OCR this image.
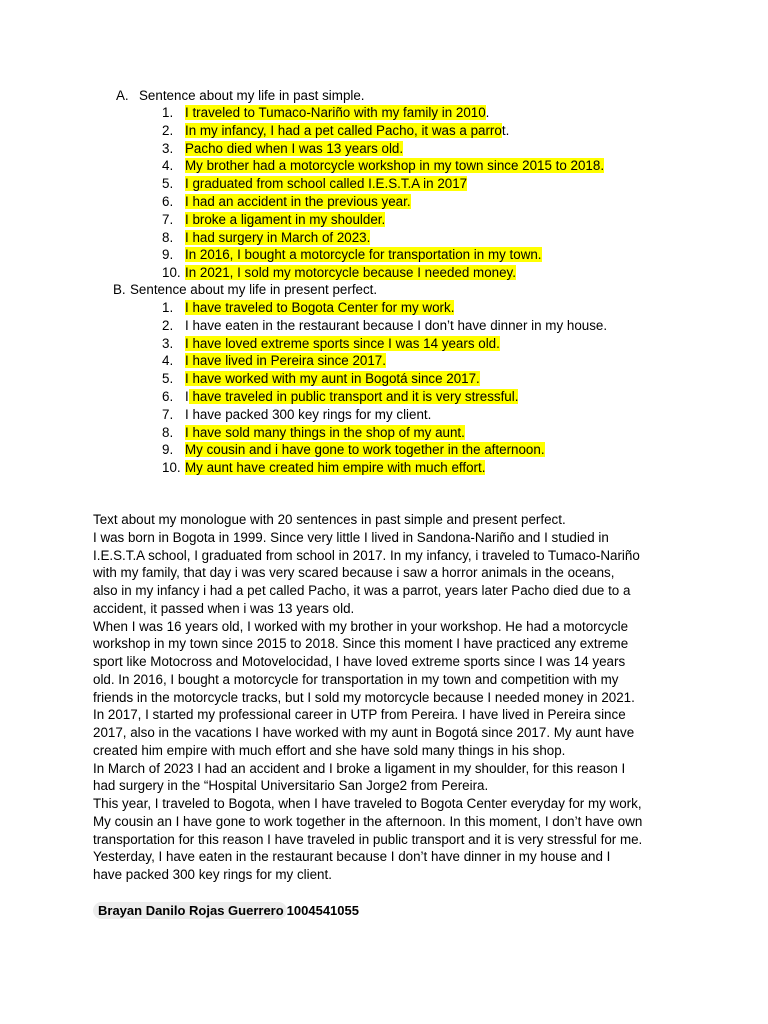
A. Sentence about my life in past simple.
1. I traveled to Tumaco-Nariño with my family in 2010.
2. In my infancy, I had a pet called Pacho, it was a parrot.
3. Pacho died when I was 13 years old.
4. My brother had a motorcycle workshop in my town since 2015 to 2018.
5. I graduated from school called I.E.S.T.A in 2017
6. I had an accident in the previous year.
7. I broke a ligament in my shoulder.
8. I had surgery in March of 2023.
9. In 2016, I bought a motorcycle for transportation in my town.
10. In 2021, I sold my motorcycle because I needed money.
B. Sentence about my life in present perfect.
1. I have traveled to Bogota Center for my work.
2. I have eaten in the restaurant because I don’t have dinner in my house.
3. I have loved extreme sports since I was 14 years old.
4. I have lived in Pereira since 2017.
5. I have worked with my aunt in Bogotá since 2017.
6. I have traveled in public transport and it is very stressful.
7. I have packed 300 key rings for my client.
8. I have sold many things in the shop of my aunt.
9. My cousin and i have gone to work together in the afternoon.
10. My aunt have created him empire with much effort.
Text about my monologue with 20 sentences in past simple and present perfect.
I was born in Bogota in 1999. Since very little I lived in Sandona-Nariño and I studied in
I.E.S.T.A school, I graduated from school in 2017. In my infancy, i traveled to Tumaco-Nariño
with my family, that day i was very scared because i saw a horror animals in the oceans,
also in my infancy i had a pet called Pacho, it was a parrot, years later Pacho died due to a
accident, it passed when i was 13 years old.
When I was 16 years old, I worked with my brother in your workshop. He had a motorcycle
workshop in my town since 2015 to 2018. Since this moment I have practiced any extreme
sport like Motocross and Motovelocidad, I have loved extreme sports since I was 14 years
old. In 2016, I bought a motorcycle for transportation in my town and competition with my
friends in the motorcycle tracks, but I sold my motorcycle because I needed money in 2021.
In 2017, I started my professional career in UTP from Pereira. I have lived in Pereira since
2017, also in the vacations I have worked with my aunt in Bogotá since 2017. My aunt have
created him empire with much effort and she have sold many things in his shop.
In March of 2023 I had an accident and I broke a ligament in my shoulder, for this reason I
had surgery in the “Hospital Universitario San Jorge2 from Pereira.
This year, I traveled to Bogota, when I have traveled to Bogota Center everyday for my work,
My cousin an I have gone to work together in the afternoon. In this moment, I don’t have own
transportation for this reason I have traveled in public transport and it is very stressful for me.
Yesterday, I have eaten in the restaurant because I don’t have dinner in my house and I
have packed 300 key rings for my client.
Brayan Danilo Rojas Guerrero 1004541055
